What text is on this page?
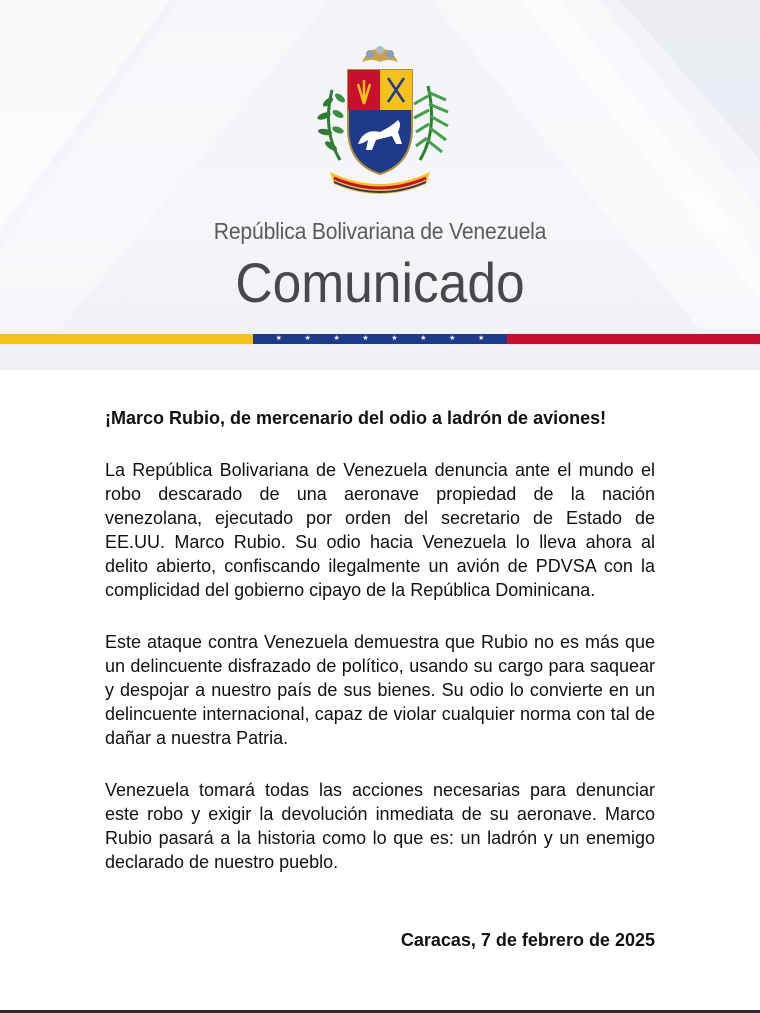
República Bolivariana de Venezuela
Comunicado
★	★	★	★	★	★	★	★

¡Marco Rubio, de mercenario del odio a ladrón de aviones!

La República Bolivariana de Venezuela denuncia ante el mundo el robo descarado de una aeronave propiedad de la nación venezolana, ejecutado por orden del secretario de Estado de EE.UU. Marco Rubio. Su odio hacia Venezuela lo lleva ahora al delito abierto, confiscando ilegalmente un avión de PDVSA con la complicidad del gobierno cipayo de la República Dominicana.

Este ataque contra Venezuela demuestra que Rubio no es más que un delincuente disfrazado de político, usando su cargo para saquear y despojar a nuestro país de sus bienes. Su odio lo convierte en un delincuente internacional, capaz de violar cualquier norma con tal de dañar a nuestra Patria.

Venezuela tomará todas las acciones necesarias para denunciar este robo y exigir la devolución inmediata de su aeronave. Marco Rubio pasará a la historia como lo que es: un ladrón y un enemigo declarado de nuestro pueblo.

Caracas, 7 de febrero de 2025
